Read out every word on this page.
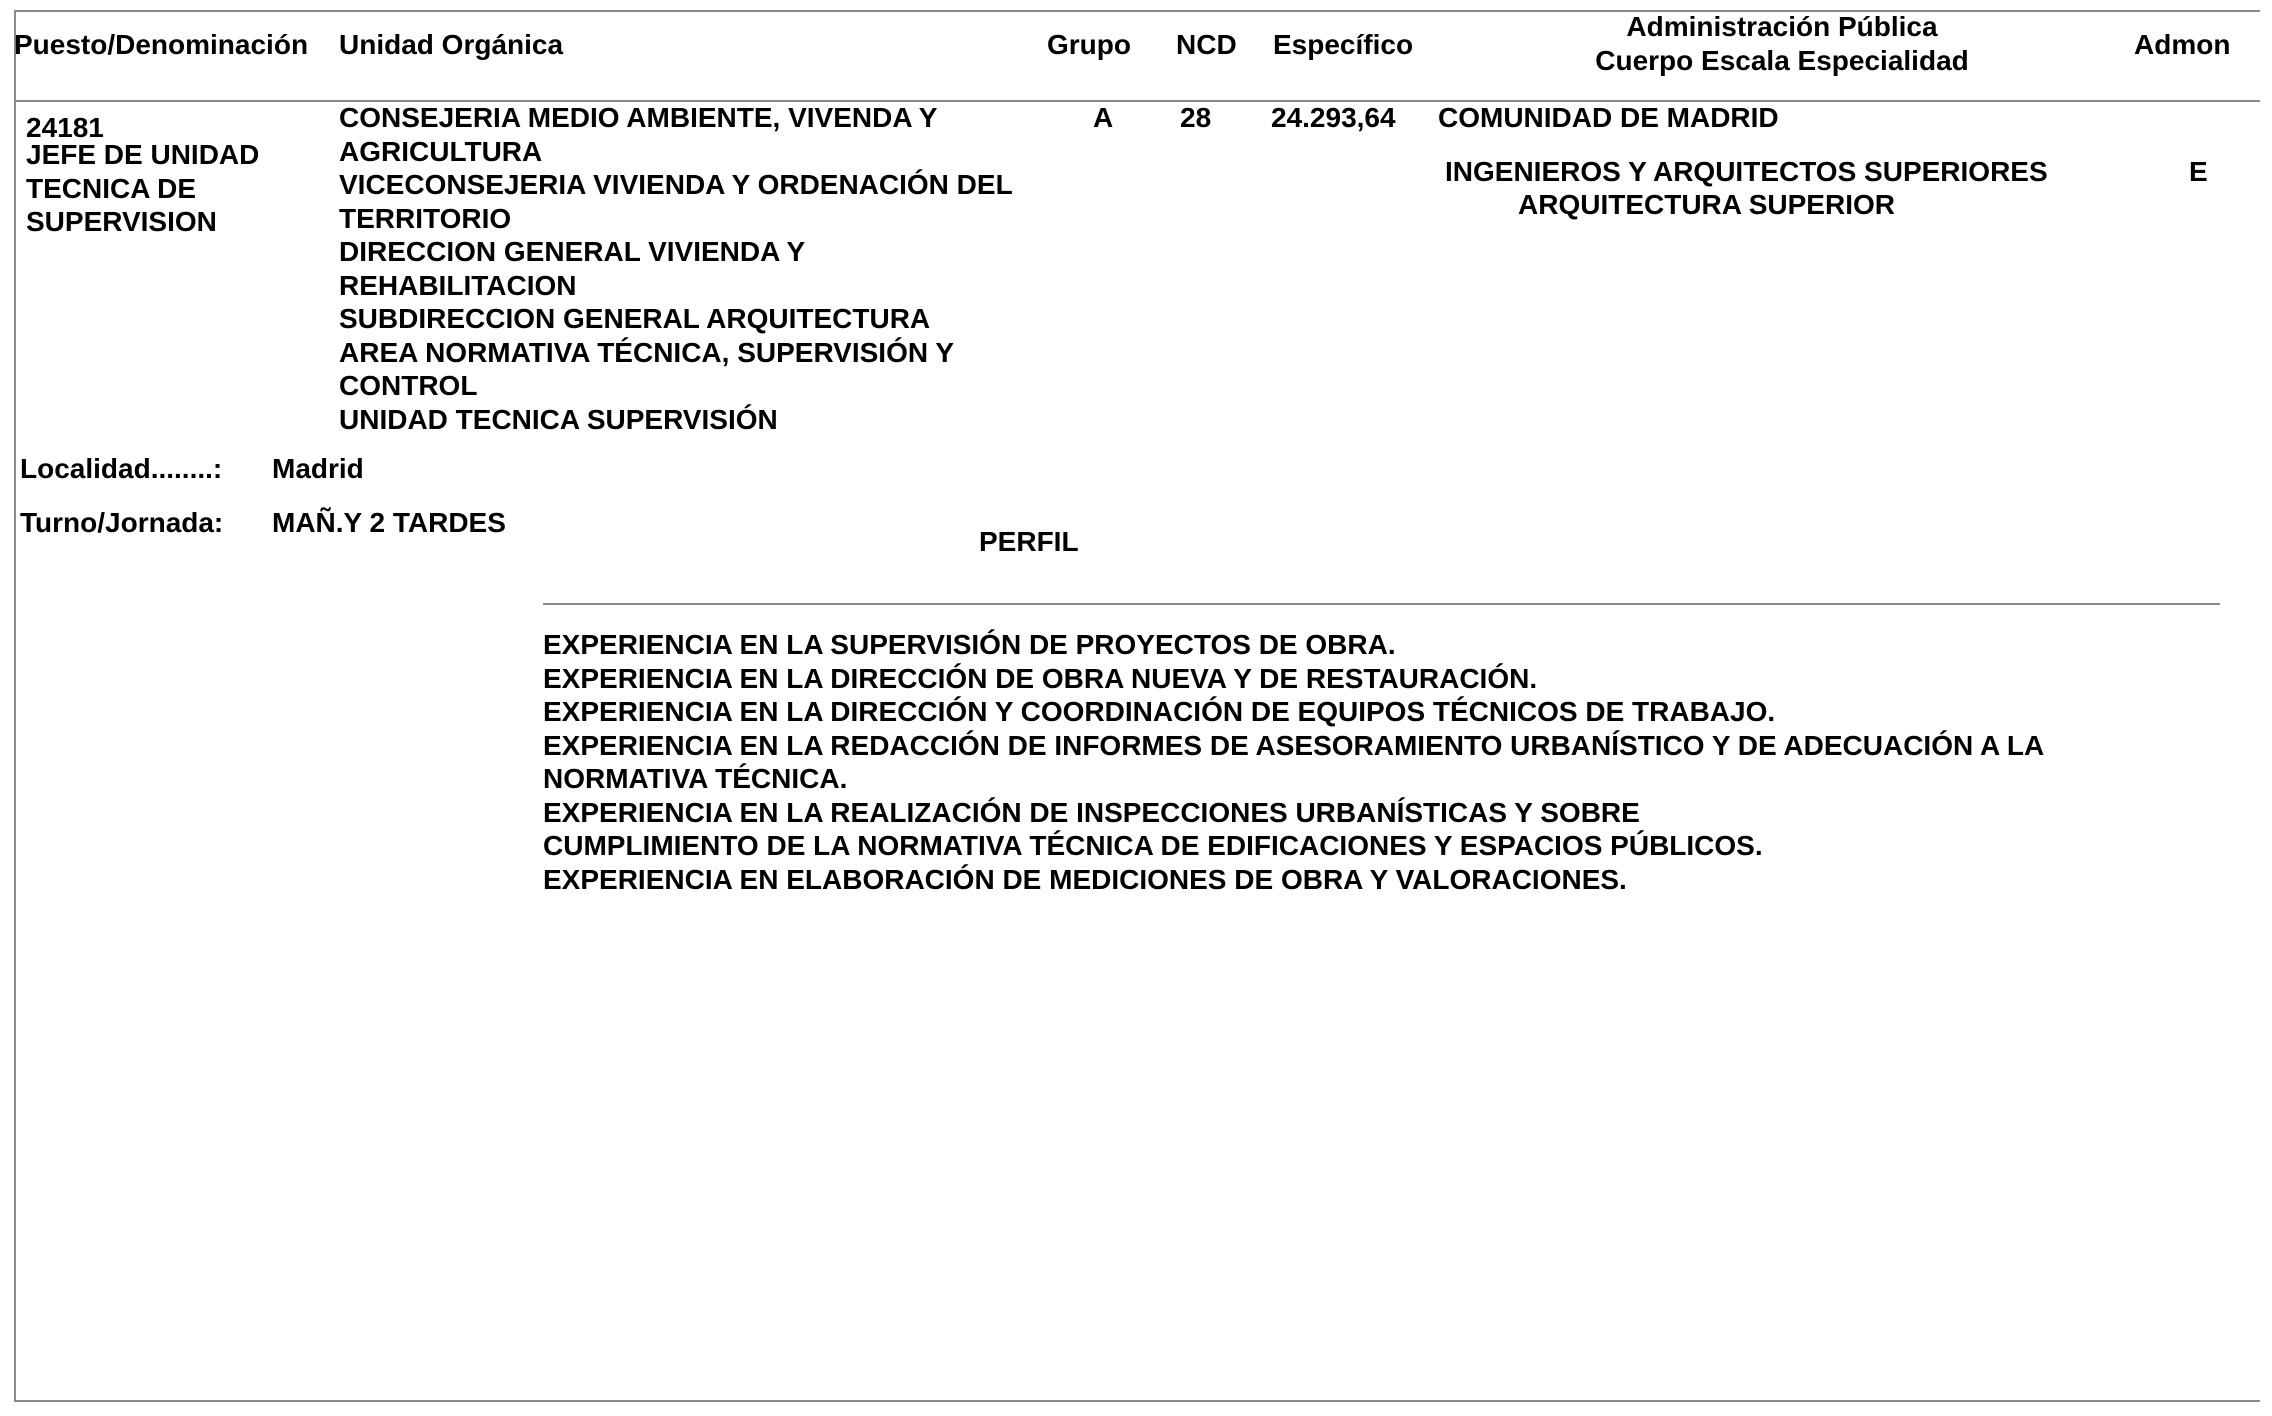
Puesto/Denominación Unidad Orgánica	Grupo NCD Específico
Administración Pública
Cuerpo Escala Especialidad
Admon
24181
JEFE DE UNIDAD
TECNICA DE
SUPERVISION
CONSEJERIA MEDIO AMBIENTE, VIVENDA Y
AGRICULTURA
VICECONSEJERIA VIVIENDA Y ORDENACIÓN DEL
TERRITORIO
DIRECCION GENERAL VIVIENDA Y
REHABILITACION
SUBDIRECCION GENERAL ARQUITECTURA
AREA NORMATIVA TÉCNICA, SUPERVISIÓN Y
CONTROL
UNIDAD TECNICA SUPERVISIÓN
A 28 24.293,64 COMUNIDAD DE MADRID
INGENIEROS Y ARQUITECTOS SUPERIORES
ARQUITECTURA SUPERIOR
E
Localidad........: Madrid
Turno/Jornada: MAÑ.Y 2 TARDES
PERFIL
EXPERIENCIA EN LA SUPERVISIÓN DE PROYECTOS DE OBRA.
EXPERIENCIA EN LA DIRECCIÓN DE OBRA NUEVA Y DE RESTAURACIÓN.
EXPERIENCIA EN LA DIRECCIÓN Y COORDINACIÓN DE EQUIPOS TÉCNICOS DE TRABAJO.
EXPERIENCIA EN LA REDACCIÓN DE INFORMES DE ASESORAMIENTO URBANÍSTICO Y DE ADECUACIÓN A LA
NORMATIVA TÉCNICA.
EXPERIENCIA EN LA REALIZACIÓN DE INSPECCIONES URBANÍSTICAS Y SOBRE
CUMPLIMIENTO DE LA NORMATIVA TÉCNICA DE EDIFICACIONES Y ESPACIOS PÚBLICOS.
EXPERIENCIA EN ELABORACIÓN DE MEDICIONES DE OBRA Y VALORACIONES.
